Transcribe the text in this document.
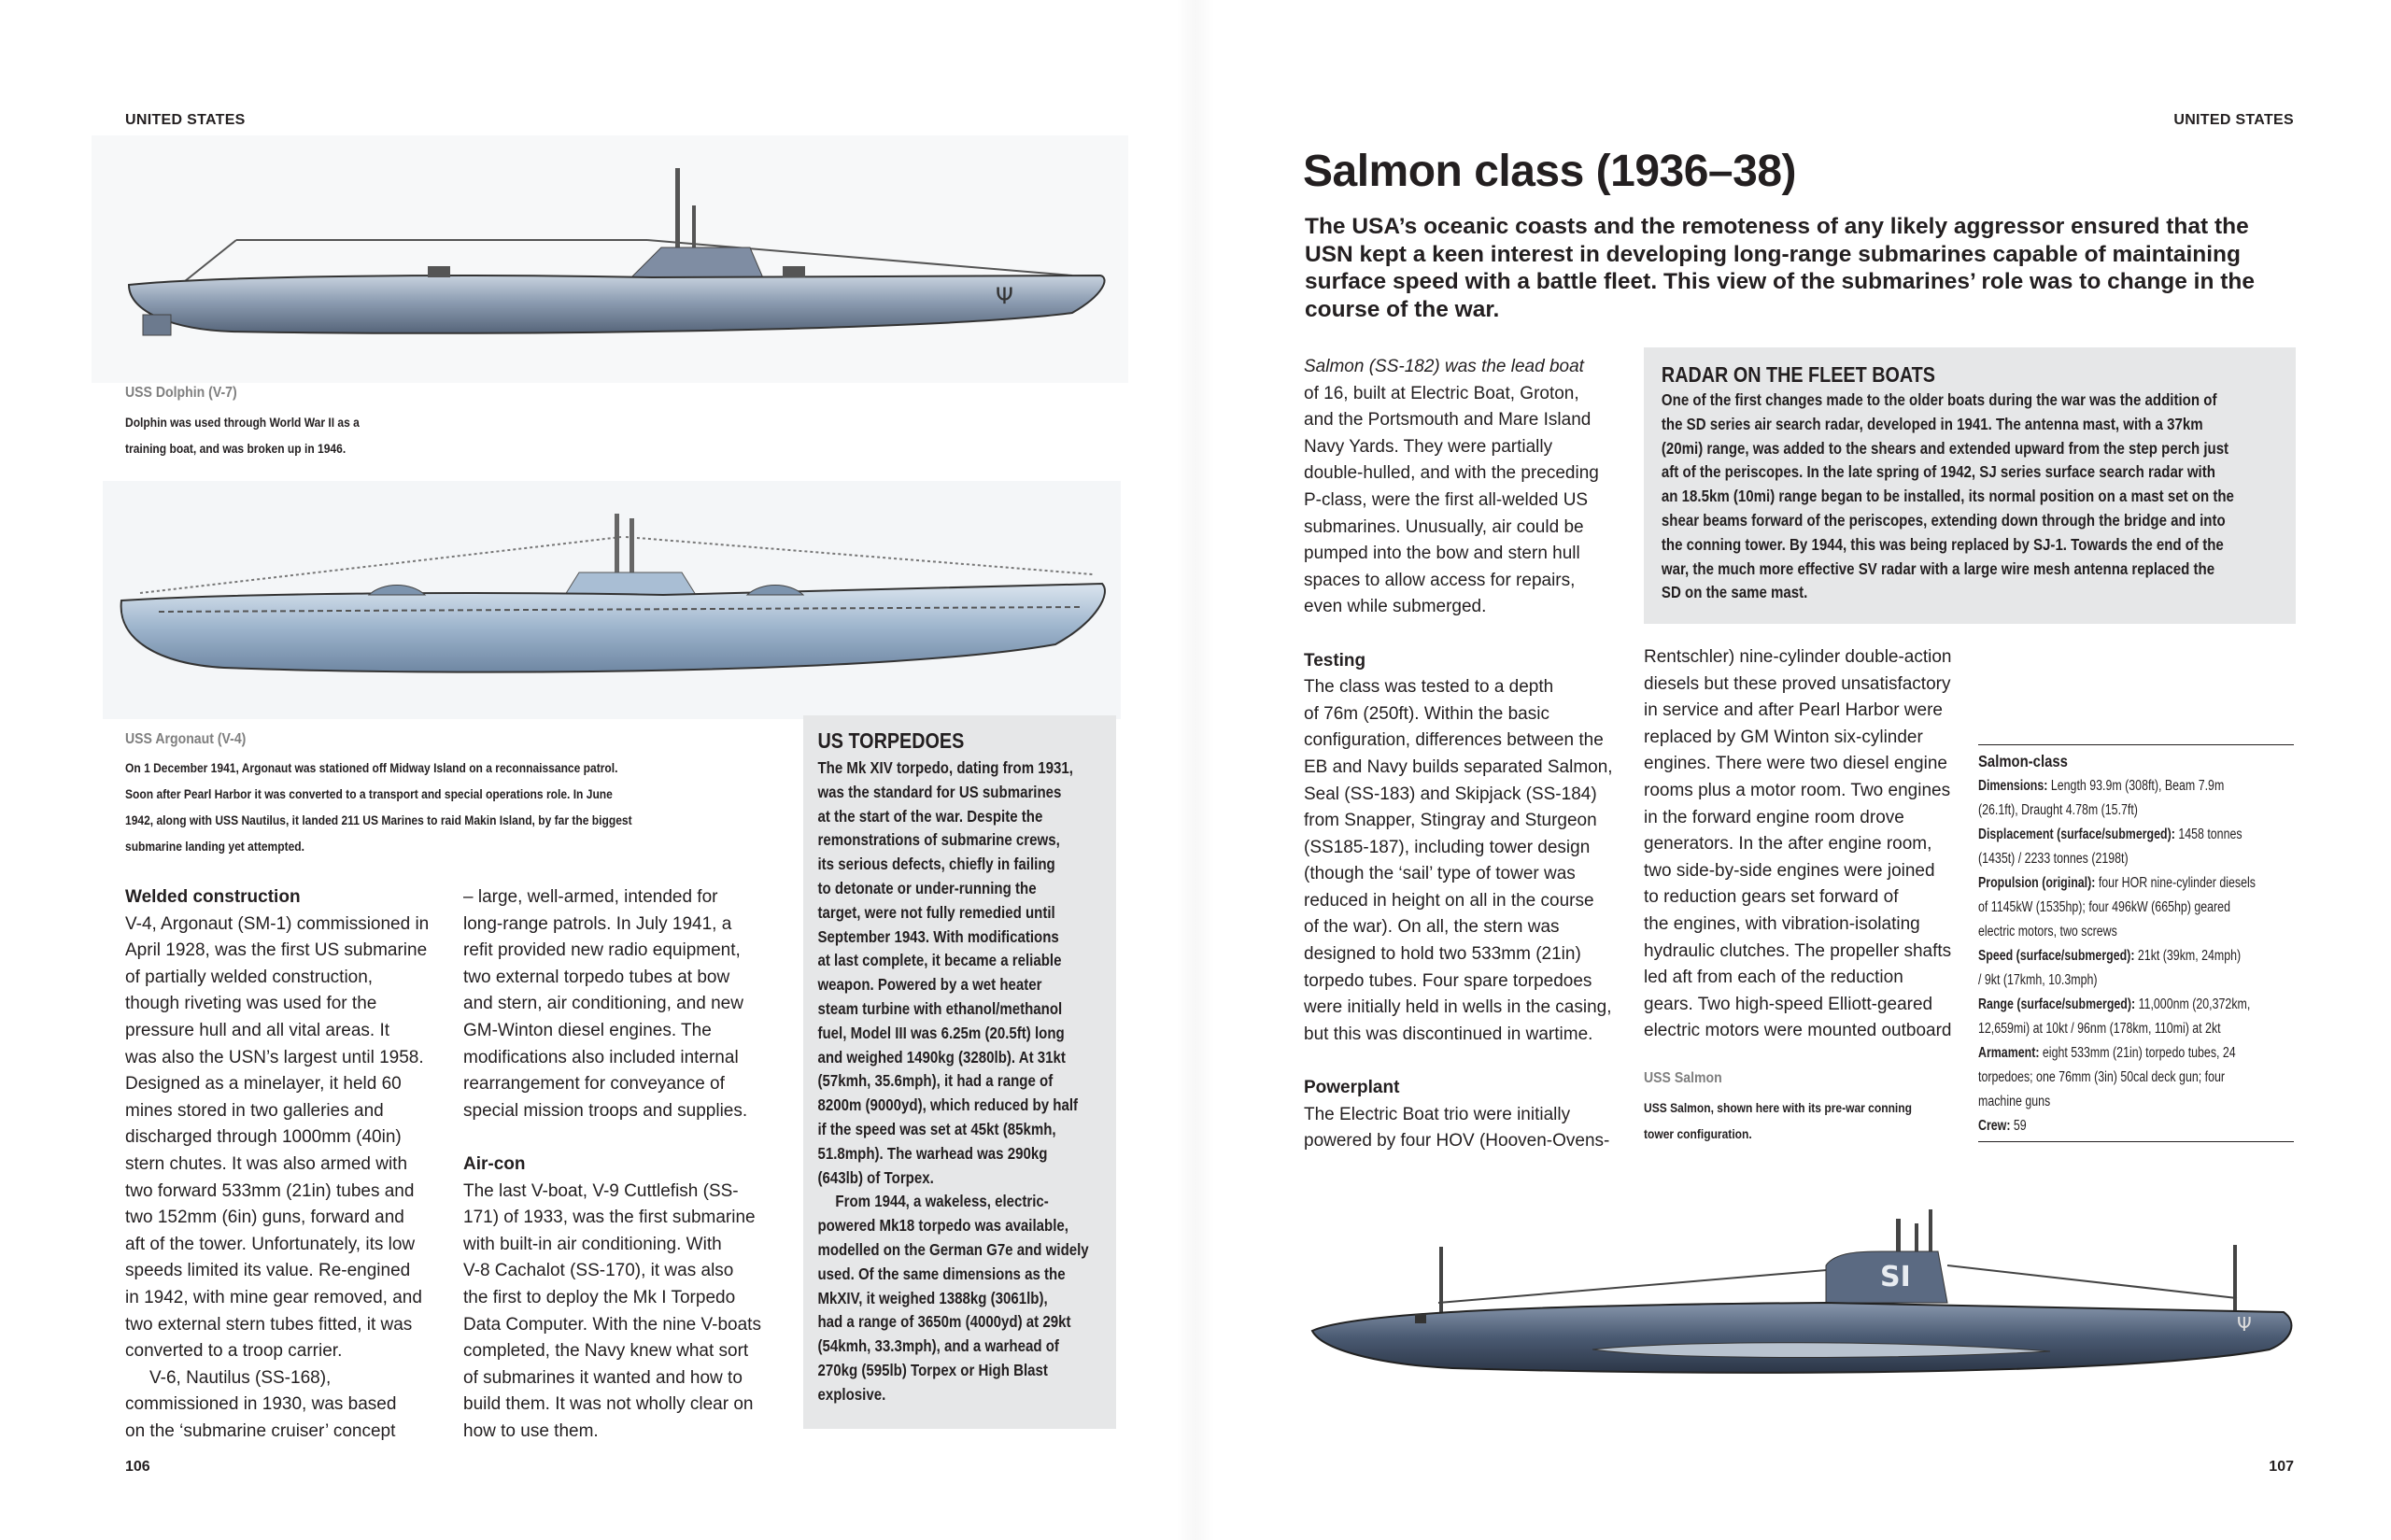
UNITED STATES
Ψ
USS Dolphin (V-7)
Dolphin was used through World War II as a
training boat, and was broken up in 1946.
USS Argonaut (V-4)
On 1 December 1941, Argonaut was stationed off Midway Island on a reconnaissance patrol.
Soon after Pearl Harbor it was converted to a transport and special operations role. In June
1942, along with USS Nautilus, it landed 211 US Marines to raid Makin Island, by far the biggest
submarine landing yet attempted.
Welded construction

V-4, Argonaut (SM-1) commissioned in

April 1928, was the first US submarine

of partially welded construction,

though riveting was used for the

pressure hull and all vital areas. It

was also the USN’s largest until 1958.

Designed as a minelayer, it held 60

mines stored in two galleries and

discharged through 1000mm (40in)

stern chutes. It was also armed with

two forward 533mm (21in) tubes and

two 152mm (6in) guns, forward and

aft of the tower. Unfortunately, its low

speeds limited its value. Re-engined

in 1942, with mine gear removed, and

two external stern tubes fitted, it was

converted to a troop carrier.

V-6, Nautilus (SS-168),

commissioned in 1930, was based

on the ‘submarine cruiser’ concept

– large, well-armed, intended for

long-range patrols. In July 1941, a

refit provided new radio equipment,

two external torpedo tubes at bow

and stern, air conditioning, and new

GM-Winton diesel engines. The

modifications also included internal

rearrangement for conveyance of

special mission troops and supplies.

Air-con

The last V-boat, V-9 Cuttlefish (SS-

171) of 1933, was the first submarine

with built-in air conditioning. With

V-8 Cachalot (SS-170), it was also

the first to deploy the Mk I Torpedo

Data Computer. With the nine V-boats

completed, the Navy knew what sort

of submarines it wanted and how to

build them. It was not wholly clear on

how to use them.

US TORPEDOES

The Mk XIV torpedo, dating from 1931,

was the standard for US submarines

at the start of the war. Despite the

remonstrations of submarine crews,

its serious defects, chiefly in failing

to detonate or under-running the

target, were not fully remedied until

September 1943. With modifications

at last complete, it became a reliable

weapon. Powered by a wet heater

steam turbine with ethanol/methanol

fuel, Model III was 6.25m (20.5ft) long

and weighed 1490kg (3280lb). At 31kt

(57kmh, 35.6mph), it had a range of

8200m (9000yd), which reduced by half

if the speed was set at 45kt (85kmh,

51.8mph). The warhead was 290kg

(643lb) of Torpex.

From 1944, a wakeless, electric-

powered Mk18 torpedo was available,

modelled on the German G7e and widely

used. Of the same dimensions as the

MkXIV, it weighed 1388kg (3061lb),

had a range of 3650m (4000yd) at 29kt

(54kmh, 33.3mph), and a warhead of

270kg (595lb) Torpex or High Blast

explosive.

106
UNITED STATES
Salmon class (1936–38)
The USA’s oceanic coasts and the remoteness of any likely aggressor ensured that the
USN kept a keen interest in developing long-range submarines capable of maintaining
surface speed with a battle fleet. This view of the submarines’ role was to change in the
course of the war.

Salmon (SS-182) was the lead boat

of 16, built at Electric Boat, Groton,

and the Portsmouth and Mare Island

Navy Yards. They were partially

double-hulled, and with the preceding

P-class, were the first all-welded US

submarines. Unusually, air could be

pumped into the bow and stern hull

spaces to allow access for repairs,

even while submerged.

Testing

The class was tested to a depth

of 76m (250ft). Within the basic

configuration, differences between the

EB and Navy builds separated Salmon,

Seal (SS-183) and Skipjack (SS-184)

from Snapper, Stingray and Sturgeon

(SS185-187), including tower design

(though the ‘sail’ type of tower was

reduced in height on all in the course

of the war). On all, the stern was

designed to hold two 533mm (21in)

torpedo tubes. Four spare torpedoes

were initially held in wells in the casing,

but this was discontinued in wartime.

Powerplant

The Electric Boat trio were initially

powered by four HOV (Hooven-Ovens-

RADAR ON THE FLEET BOATS

One of the first changes made to the older boats during the war was the addition of

the SD series air search radar, developed in 1941. The antenna mast, with a 37km

(20mi) range, was added to the shears and extended upward from the step perch just

aft of the periscopes. In the late spring of 1942, SJ series surface search radar with

an 18.5km (10mi) range began to be installed, its normal position on a mast set on the

shear beams forward of the periscopes, extending down through the bridge and into

the conning tower. By 1944, this was being replaced by SJ-1. Towards the end of the

war, the much more effective SV radar with a large wire mesh antenna replaced the

SD on the same mast.

Rentschler) nine-cylinder double-action

diesels but these proved unsatisfactory

in service and after Pearl Harbor were

replaced by GM Winton six-cylinder

engines. There were two diesel engine

rooms plus a motor room. Two engines

in the forward engine room drove

generators. In the after engine room,

two side-by-side engines were joined

to reduction gears set forward of

the engines, with vibration-isolating

hydraulic clutches. The propeller shafts

led aft from each of the reduction

gears. Two high-speed Elliott-geared

electric motors were mounted outboard

USS Salmon
USS Salmon, shown here with its pre-war conning
tower configuration.
Salmon-class
Dimensions: Length 93.9m (308ft), Beam 7.9m
(26.1ft), Draught 4.78m (15.7ft)
Displacement (surface/submerged): 1458 tonnes
(1435t) / 2233 tonnes (2198t)
Propulsion (original): four HOR nine-cylinder diesels
of 1145kW (1535hp); four 496kW (665hp) geared
electric motors, two screws
Speed (surface/submerged): 21kt (39km, 24mph)
/ 9kt (17kmh, 10.3mph)
Range (surface/submerged): 11,000nm (20,372km,
12,659mi) at 10kt / 96nm (178km, 110mi) at 2kt
Armament: eight 533mm (21in) torpedo tubes, 24
torpedoes; one 76mm (3in) 50cal deck gun; four
machine guns
Crew: 59
SI
Ψ
107
